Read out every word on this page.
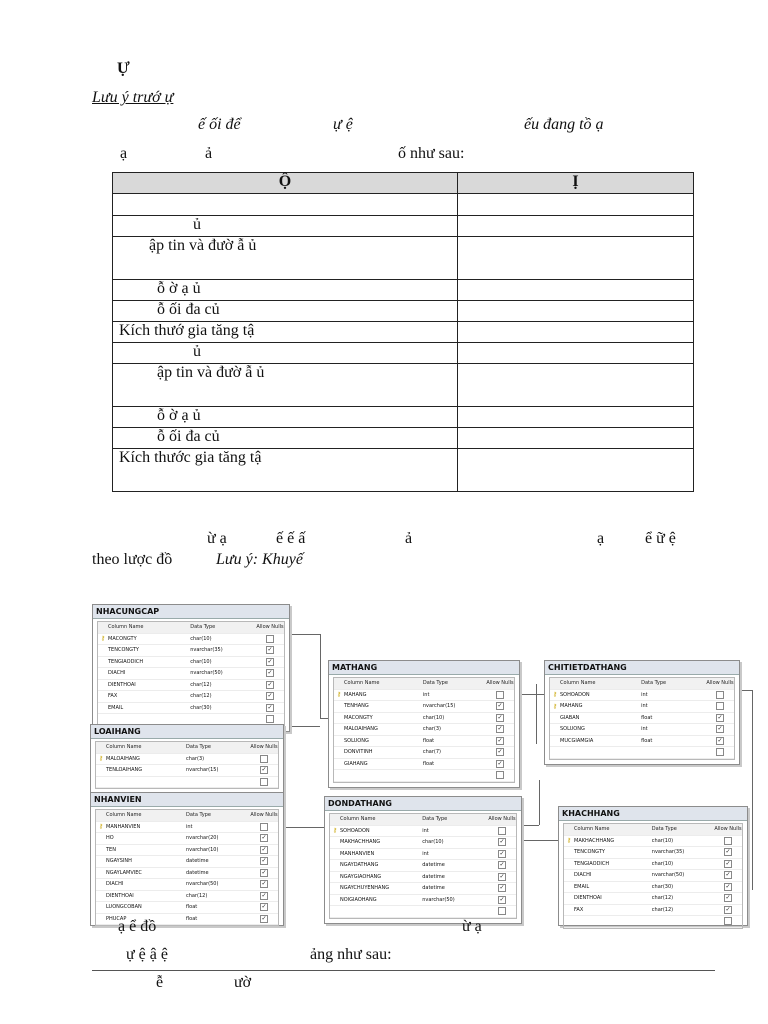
Ự
Lưu ý trướ ự
ế ối để	ự ệ	ếu đang tồ ạ
ạ	ả	ố như sau:
Ộ	Ị

ủ	
ập tin và đườ ẫ ủ	
ỗ ờ ạ ủ	
ỗ ối đa củ	
Kích thướ gia tăng tậ	
ủ	
ập tin và đườ ẫ ủ	
ỗ ờ ạ ủ	
ỗ ối đa củ	
Kích thước gia tăng tậ	
ừ ạ	ế ế ấ	ả	ạ	ể ữ ệ
theo lược đồ	Lưu ý: Khuyế
NHACUNGCAP
Column Name	Data Type	Allow Nulls
⚷ MACONGTY	char(10)
TENCONGTY	nvarchar(35)	✓
TENGIAODICH	char(10)	✓
DIACHI	nvarchar(50)	✓
DIENTHOAI	char(12)	✓
FAX	char(12)	✓
EMAIL	char(30)	✓
LOAIHANG
Column Name	Data Type	Allow Nulls
⚷ MALOAIHANG	char(3)
TENLOAIHANG	nvarchar(15)	✓
NHANVIEN
Column Name	Data Type	Allow Nulls
⚷ MANHANVIEN	int
HO	nvarchar(20)	✓
TEN	nvarchar(10)	✓
NGAYSINH	datetime	✓
NGAYLAMVIEC	datetime	✓
DIACHI	nvarchar(50)	✓
DIENTHOAI	char(12)	✓
LUONGCOBAN	float	✓
PHUCAP	float	✓
MATHANG
Column Name	Data Type	Allow Nulls
⚷ MAHANG	int
TENHANG	nvarchar(15)	✓
MACONGTY	char(10)	✓
MALOAIHANG	char(3)	✓
SOLUONG	float	✓
DONVITINH	char(7)	✓
GIAHANG	float	✓
DONDATHANG
Column Name	Data Type	Allow Nulls
⚷ SOHOADON	int
MAKHACHHANG	char(10)	✓
MANHANVIEN	int	✓
NGAYDATHANG	datetime	✓
NGAYGIAOHANG	datetime	✓
NGAYCHUYENHANG	datetime	✓
NOIGIAOHANG	nvarchar(50)	✓
CHITIETDATHANG
Column Name	Data Type	Allow Nulls
⚷ SOHOADON	int
⚷ MAHANG	int
GIABAN	float	✓
SOLUONG	int	✓
MUCGIAMGIA	float	✓
KHACHHANG
Column Name	Data Type	Allow Nulls
⚷ MAKHACHHANG	char(10)
TENCONGTY	nvarchar(35)	✓
TENGIAODICH	char(10)	✓
DIACHI	nvarchar(50)	✓
EMAIL	char(30)	✓
DIENTHOAI	char(12)	✓
FAX	char(12)	✓
ạ ể đồ	ừ ạ
ự ệ ậ ệ	ảng như sau:
ễ	ườ
